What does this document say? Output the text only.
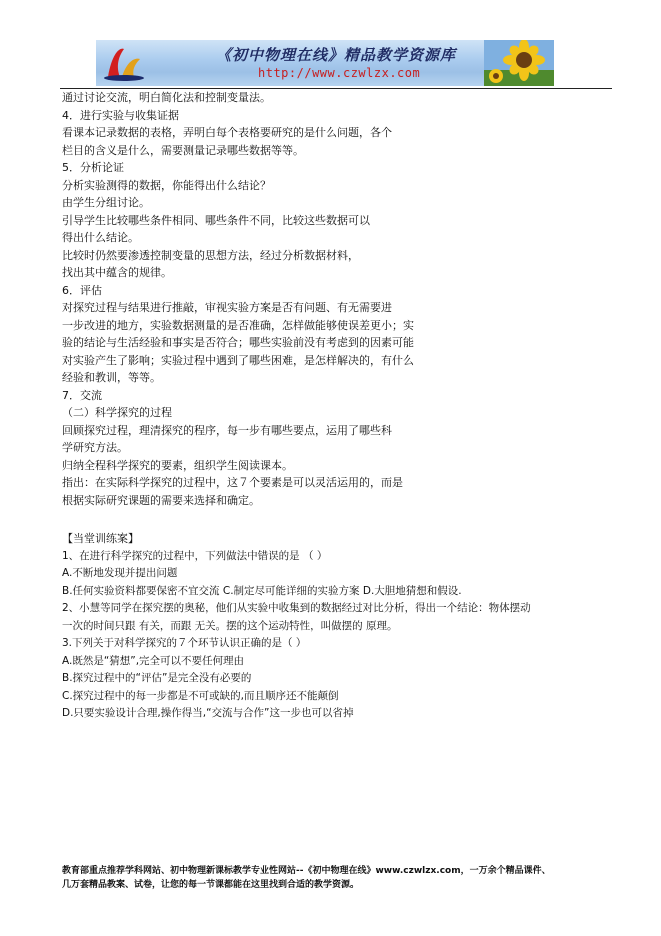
《初中物理在线》精品教学资源库
http://www.czwlzx.com
通过讨论交流，明白简化法和控制变量法。
4．进行实验与收集证据
看课本记录数据的表格，弄明白每个表格要研究的是什么问题，各个
栏目的含义是什么，需要测量记录哪些数据等等。
5．分析论证
分析实验测得的数据，你能得出什么结论？
由学生分组讨论。
引导学生比较哪些条件相同、哪些条件不同，比较这些数据可以
得出什么结论。
比较时仍然要渗透控制变量的思想方法，经过分析数据材料，
找出其中蕴含的规律。
6．评估
对探究过程与结果进行推敲，审视实验方案是否有问题、有无需要进
一步改进的地方，实验数据测量的是否准确，怎样做能够使误差更小；实
验的结论与生活经验和事实是否符合；哪些实验前没有考虑到的因素可能
对实验产生了影响；实验过程中遇到了哪些困难，是怎样解决的，有什么
经验和教训，等等。
7．交流
（二）科学探究的过程
回顾探究过程，理清探究的程序，每一步有哪些要点，运用了哪些科
学研究方法。
归纳全程科学探究的要素，组织学生阅读课本。
指出：在实际科学探究的过程中，这７个要素是可以灵活运用的，而是
根据实际研究课题的需要来选择和确定。
【当堂训练案】
1、在进行科学探究的过程中，下列做法中错误的是 （ ）
A.不断地发现并提出问题
B.任何实验资料都要保密不宜交流 C.制定尽可能详细的实验方案 D.大胆地猜想和假设.
2、小慧等同学在探究摆的奥秘，他们从实验中收集到的数据经过对比分析，得出一个结论：物体摆动
一次的时间只跟 有关，而跟 无关。摆的这个运动特性，叫做摆的 原理。
3.下列关于对科学探究的７个环节认识正确的是（ ）
A.既然是“猜想”,完全可以不要任何理由
B.探究过程中的“评估”是完全没有必要的
C.探究过程中的每一步都是不可或缺的,而且顺序还不能颠倒
D.只要实验设计合理,操作得当,“交流与合作”这一步也可以省掉
教育部重点推荐学科网站、初中物理新课标教学专业性网站--《初中物理在线》www.czwlzx.com，一万余个精品课件、
几万套精品教案、试卷，让您的每一节课都能在这里找到合适的教学资源。
